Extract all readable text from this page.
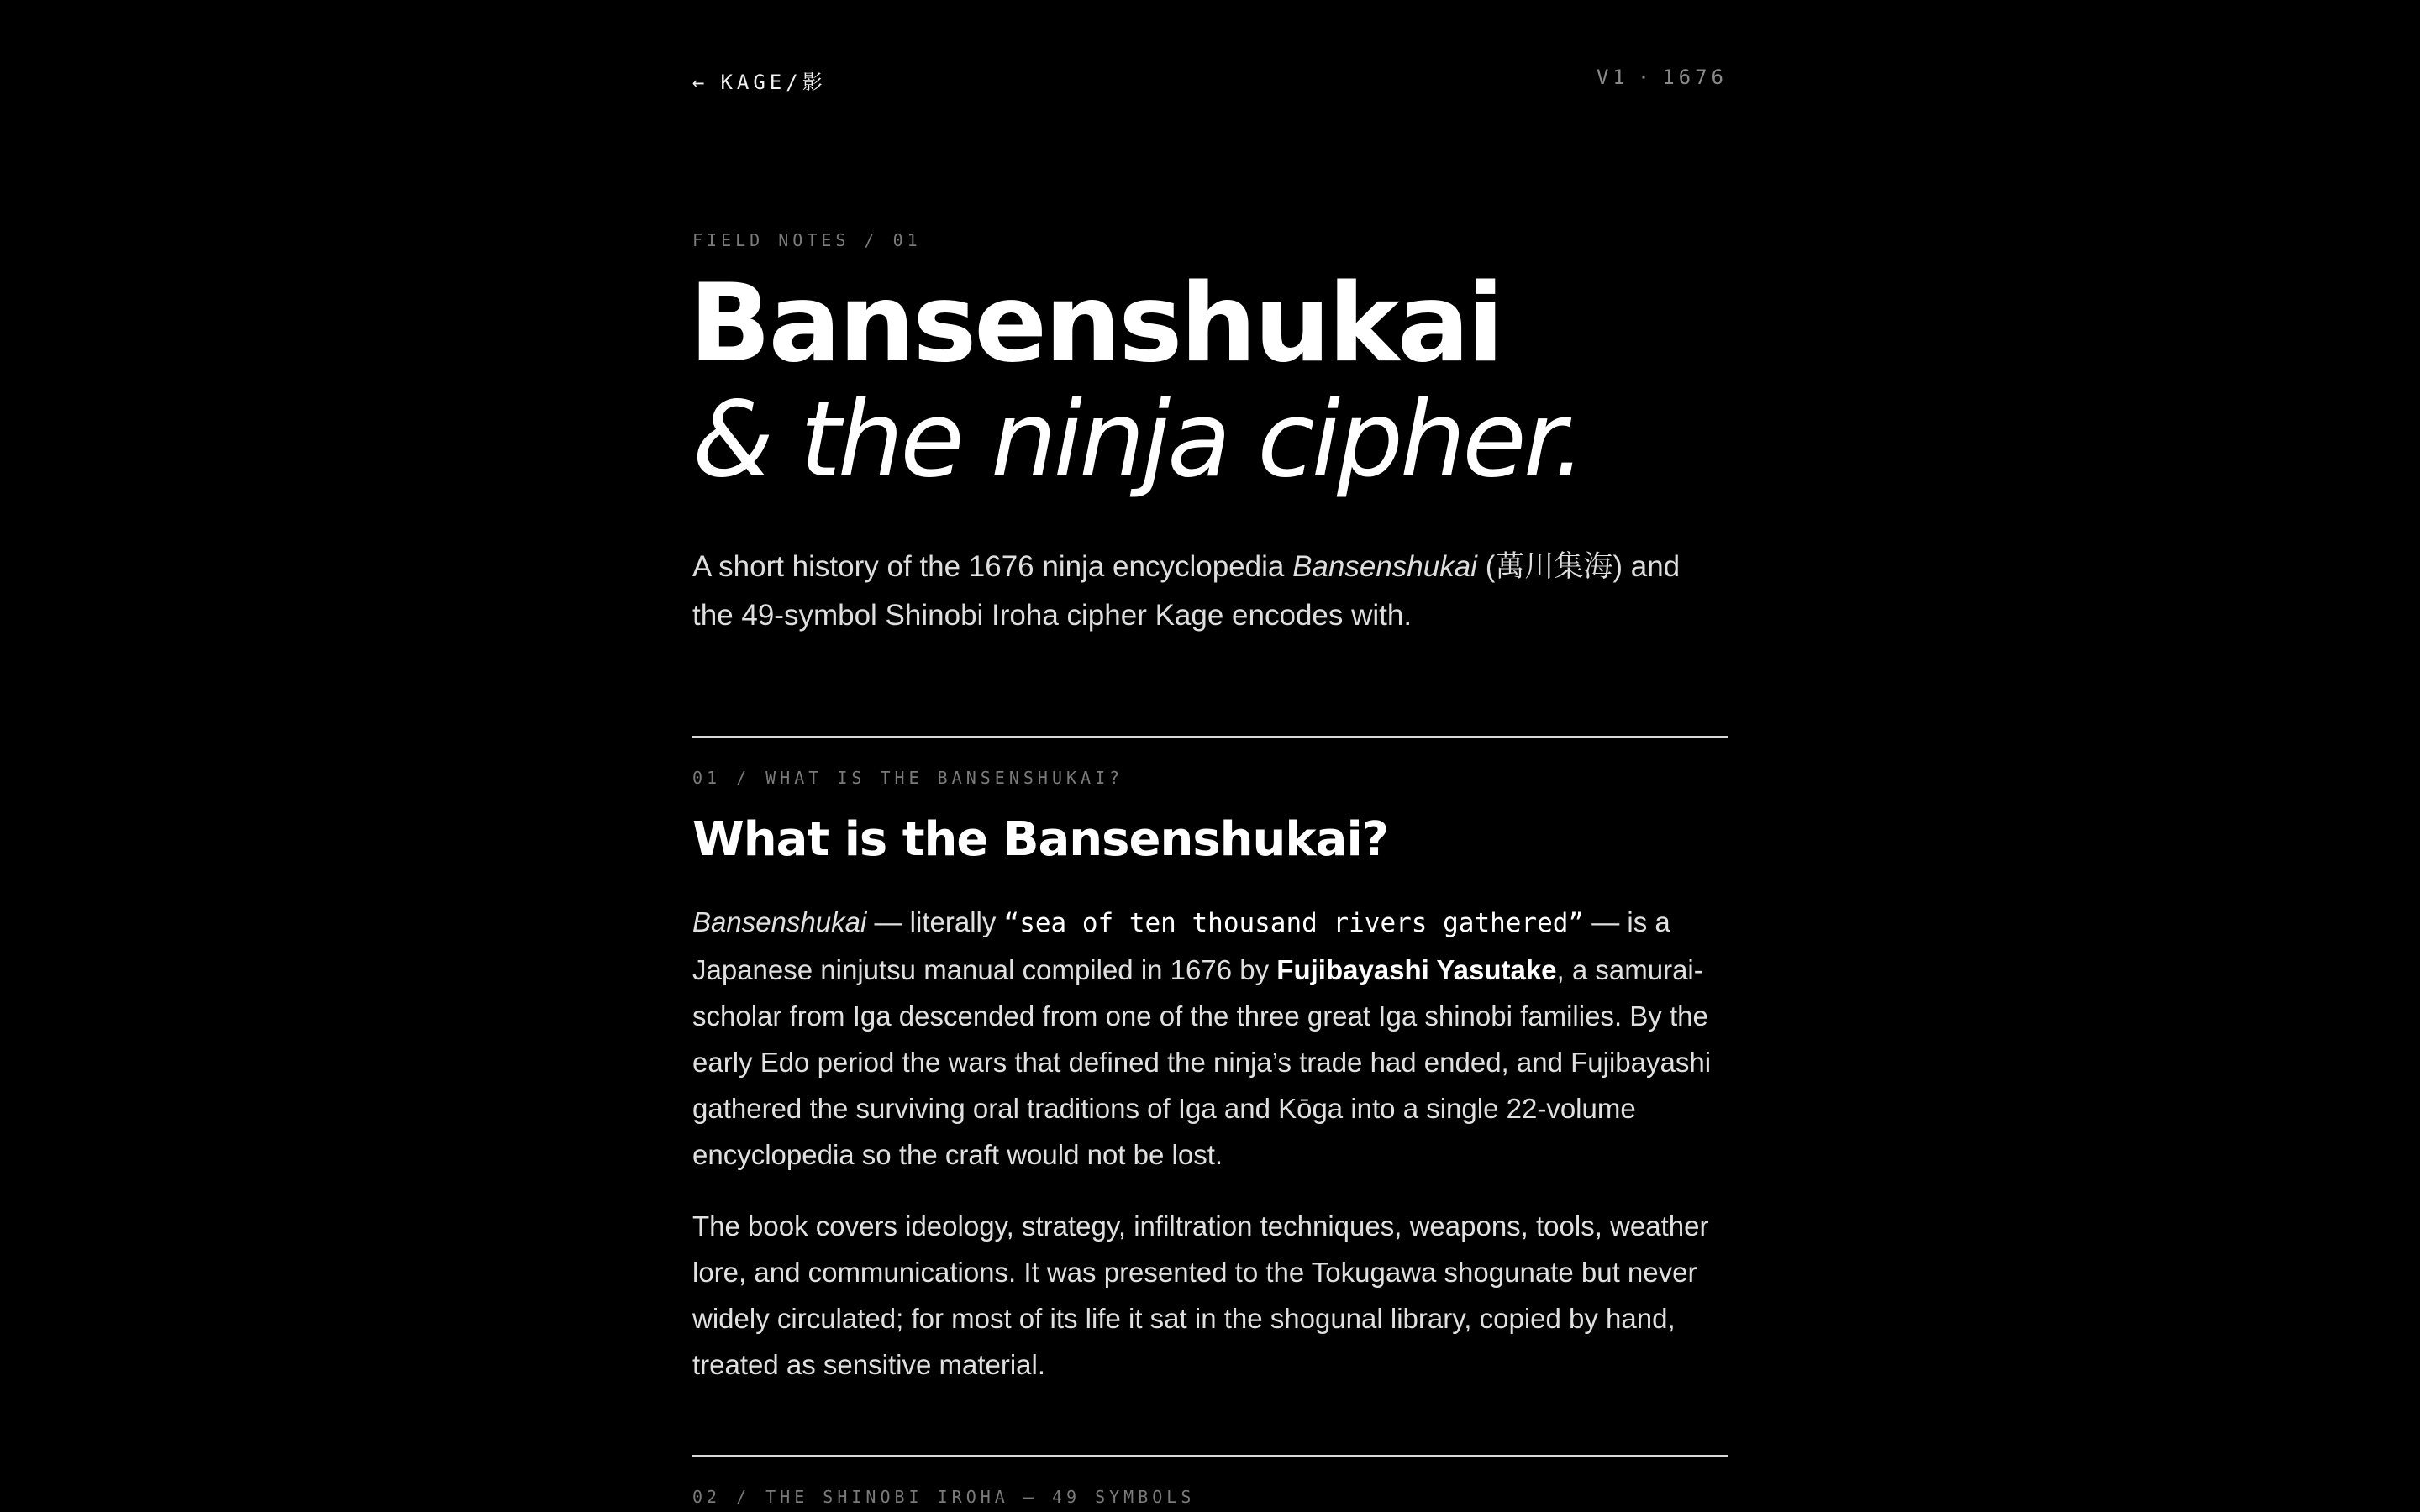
← KAGE/影	V1 · 1676
FIELD NOTES / 01
Bansenshukai
& the ninja cipher.

A short history of the 1676 ninja encyclopedia Bansenshukai (萬川集海) and the 49-symbol Shinobi Iroha cipher Kage encodes with.

01 / WHAT IS THE BANSENSHUKAI?
What is the Bansenshukai?

Bansenshukai — literally “sea of ten thousand rivers gathered” — is a Japanese ninjutsu manual compiled in 1676 by Fujibayashi Yasutake, a samurai-scholar from Iga descended from one of the three great Iga shinobi families. By the early Edo period the wars that defined the ninja’s trade had ended, and Fujibayashi gathered the surviving oral traditions of Iga and Kōga into a single 22-volume encyclopedia so the craft would not be lost.

The book covers ideology, strategy, infiltration techniques, weapons, tools, weather lore, and communications. It was presented to the Tokugawa shogunate but never widely circulated; for most of its life it sat in the shogunal library, copied by hand, treated as sensitive material.

02 / THE SHINOBI IROHA — 49 SYMBOLS
